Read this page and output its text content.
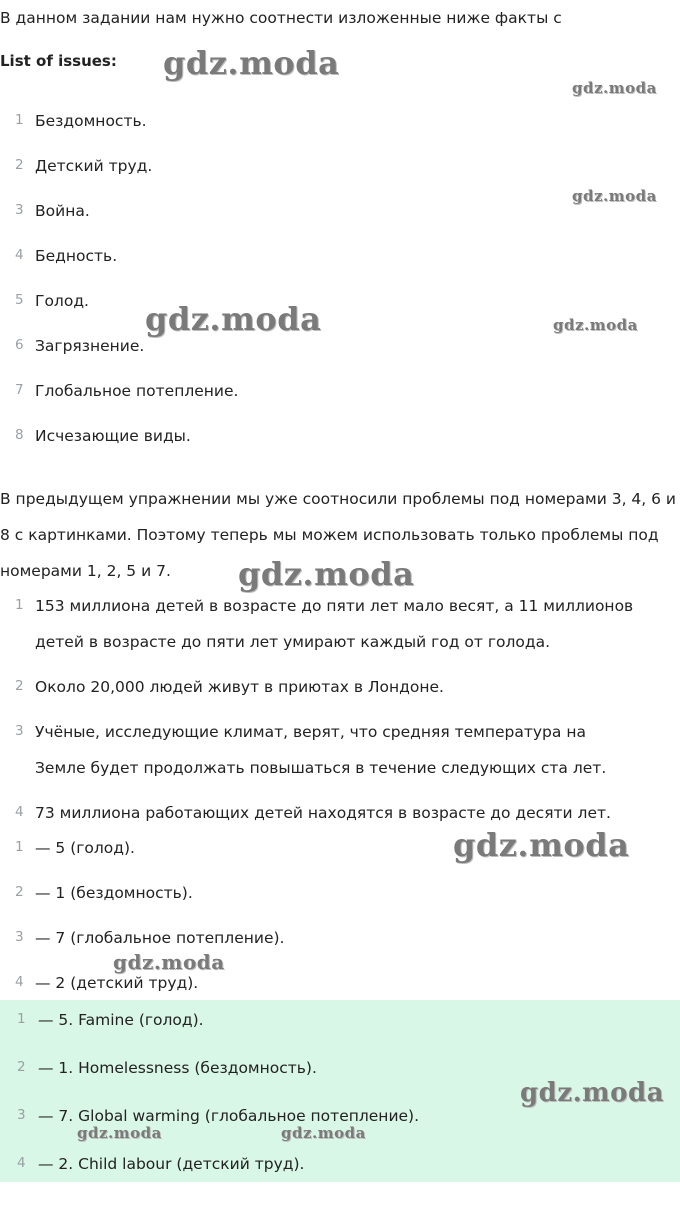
В данном задании нам нужно соотнести изложенные ниже факты с

List of issues:

1 Бездомность.
2 Детский труд.
3 Война.
4 Бедность.
5 Голод.
6 Загрязнение.
7 Глобальное потепление.
8 Исчезающие виды.

В предыдущем упражнении мы уже соотносили проблемы под номерами 3, 4, 6 и 8 с картинками. Поэтому теперь мы можем использовать только проблемы под номерами 1, 2, 5 и 7.

1 153 миллиона детей в возрасте до пяти лет мало весят, а 11 миллионов детей в возрасте до пяти лет умирают каждый год от голода.
2 Около 20,000 людей живут в приютах в Лондоне.
3 Учёные, исследующие климат, верят, что средняя температура на Земле будет продолжать повышаться в течение следующих ста лет.
4 73 миллиона работающих детей находятся в возрасте до десяти лет.
1 — 5 (голод).
2 — 1 (бездомность).
3 — 7 (глобальное потепление).
4 — 2 (детский труд).
1 — 5. Famine (голод).
2 — 1. Homelessness (бездомность).
3 — 7. Global warming (глобальное потепление).
4 — 2. Child labour (детский труд).
gdz.moda
gdz.moda
gdz.moda
gdz.moda	gdz.moda
gdz.moda
gdz.moda
gdz.moda
gdz.moda
gdz.moda	gdz.moda
